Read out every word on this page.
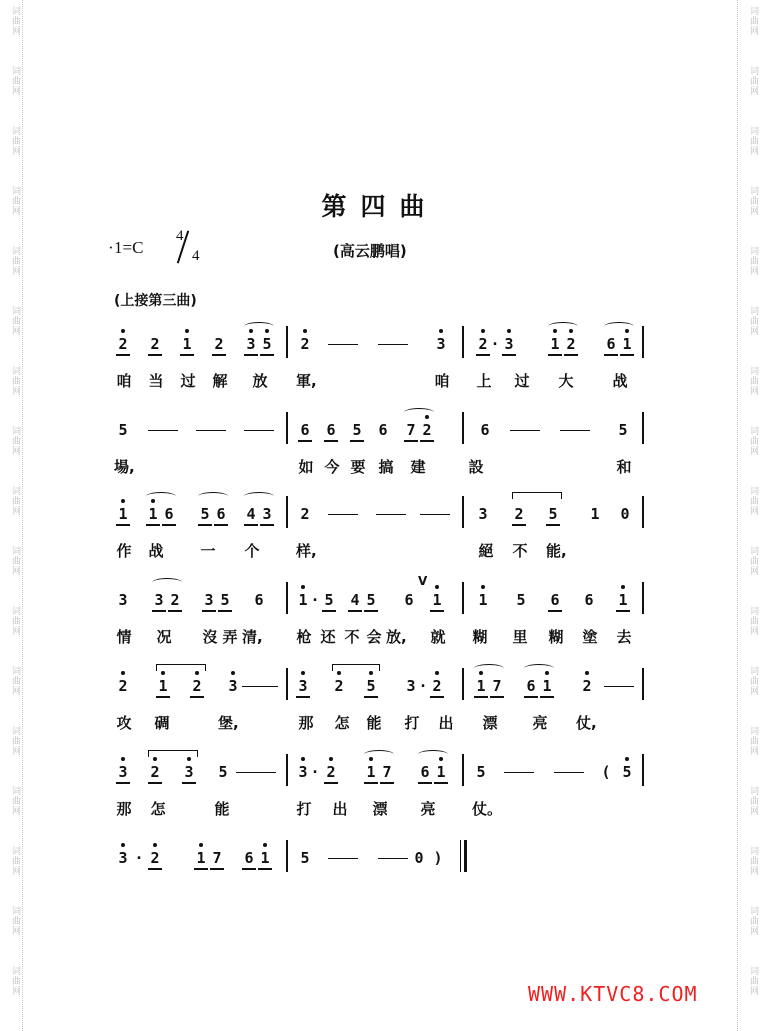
词曲网
词曲网
词曲网
词曲网
词曲网
词曲网
词曲网
词曲网
词曲网
词曲网
词曲网
词曲网
词曲网
词曲网
词曲网
词曲网
词曲网
词曲网
词曲网
词曲网
词曲网
词曲网
词曲网
词曲网
词曲网
词曲网
词曲网
词曲网
词曲网
词曲网
词曲网
词曲网
词曲网
词曲网
第四曲
· 1=C
4
4	(高云鹏唱)
(上接第三曲)
2 2 1 2 3 5 2	3 2 · 3 1 2 6 1
咱 当 过 解 放 軍,	咱 上 过 大	战
5	6 6 5 6 7 2	6	5
場,	如 今 要 搞 建	設	和
1 1 6 5 6 4 3 2	3 2 5 1 0
作 战 一 个 样,	絕 不 能,
3 3 2 3 5 6 1 · 5 4 5 6
V
1 1 5 6 6 1
情 况 沒 弄 清, 枪 还 不 会 放, 就 糊 里 糊 塗 去
2 1 2 3	3 2 5 3 · 2 1 7 6 1 2
攻 碉	堡,	那 怎 能 打 出 漂 亮 仗,
3 2 3 5	3 · 2 1 7 6 1 5	( 5
那 怎	能	打 出 漂 亮 仗。
3 · 2 1 7 6 1 5	0 )
WWW.KTVC8.COM
